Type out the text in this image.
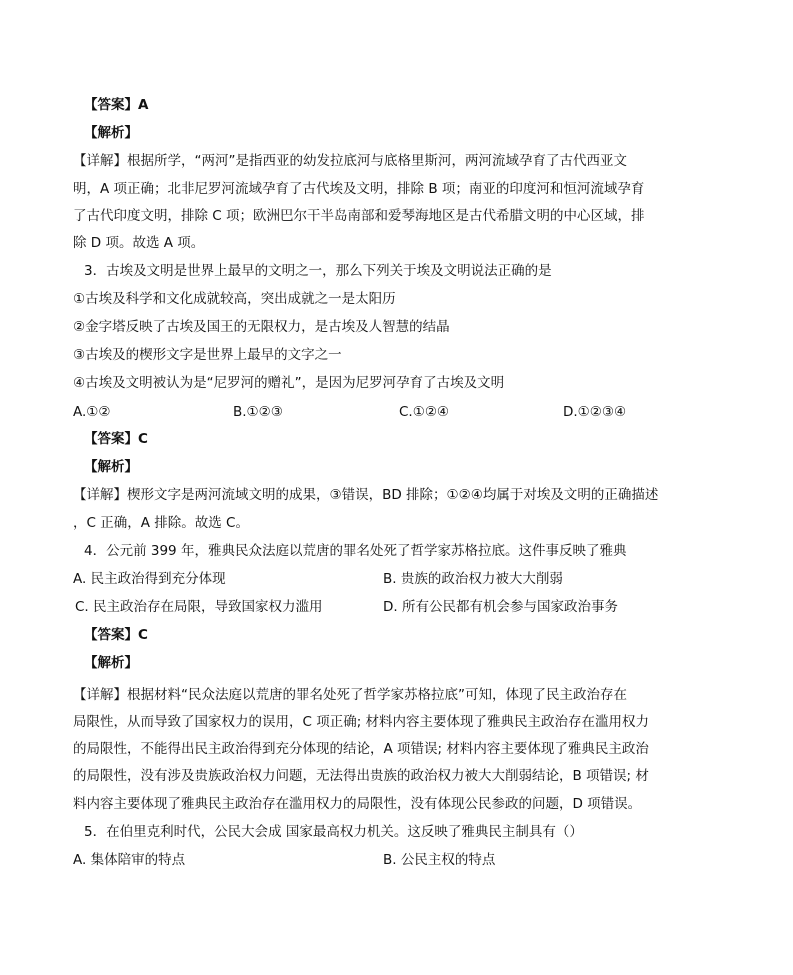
【答案】A
【解析】
【详解】根据所学，“两河”是指西亚的幼发拉底河与底格里斯河，两河流域孕育了古代西亚文
明，A 项正确；北非尼罗河流域孕育了古代埃及文明，排除 B 项；南亚的印度河和恒河流域孕育
了古代印度文明，排除 C 项；欧洲巴尔干半岛南部和爱琴海地区是古代希腊文明的中心区域，排
除 D 项。故选 A 项。
3．古埃及文明是世界上最早的文明之一，那么下列关于埃及文明说法正确的是
①古埃及科学和文化成就较高，突出成就之一是太阳历
②金字塔反映了古埃及国王的无限权力，是古埃及人智慧的结晶
③古埃及的楔形文字是世界上最早的文字之一
④古埃及文明被认为是“尼罗河的赠礼”，是因为尼罗河孕育了古埃及文明
A.①②	B.①②③	C.①②④	D.①②③④
【答案】C
【解析】
【详解】楔形文字是两河流域文明的成果，③错误，BD 排除；①②④均属于对埃及文明的正确描述
，C 正确，A 排除。故选 C。
4．公元前 399 年，雅典民众法庭以荒唐的罪名处死了哲学家苏格拉底。这件事反映了雅典
A. 民主政治得到充分体现	B. 贵族的政治权力被大大削弱
C. 民主政治存在局限，导致国家权力滥用	D. 所有公民都有机会参与国家政治事务
【答案】C
【解析】
【详解】根据材料“民众法庭以荒唐的罪名处死了哲学家苏格拉底”可知，体现了民主政治存在
局限性，从而导致了国家权力的误用，C 项正确; 材料内容主要体现了雅典民主政治存在滥用权力
的局限性，不能得出民主政治得到充分体现的结论，A 项错误; 材料内容主要体现了雅典民主政治
的局限性，没有涉及贵族政治权力问题，无法得出贵族的政治权力被大大削弱结论，B 项错误; 材
料内容主要体现了雅典民主政治存在滥用权力的局限性，没有体现公民参政的问题，D 项错误。
5．在伯里克利时代，公民大会成 国家最高权力机关。这反映了雅典民主制具有（）
A. 集体陪审的特点	B. 公民主权的特点
